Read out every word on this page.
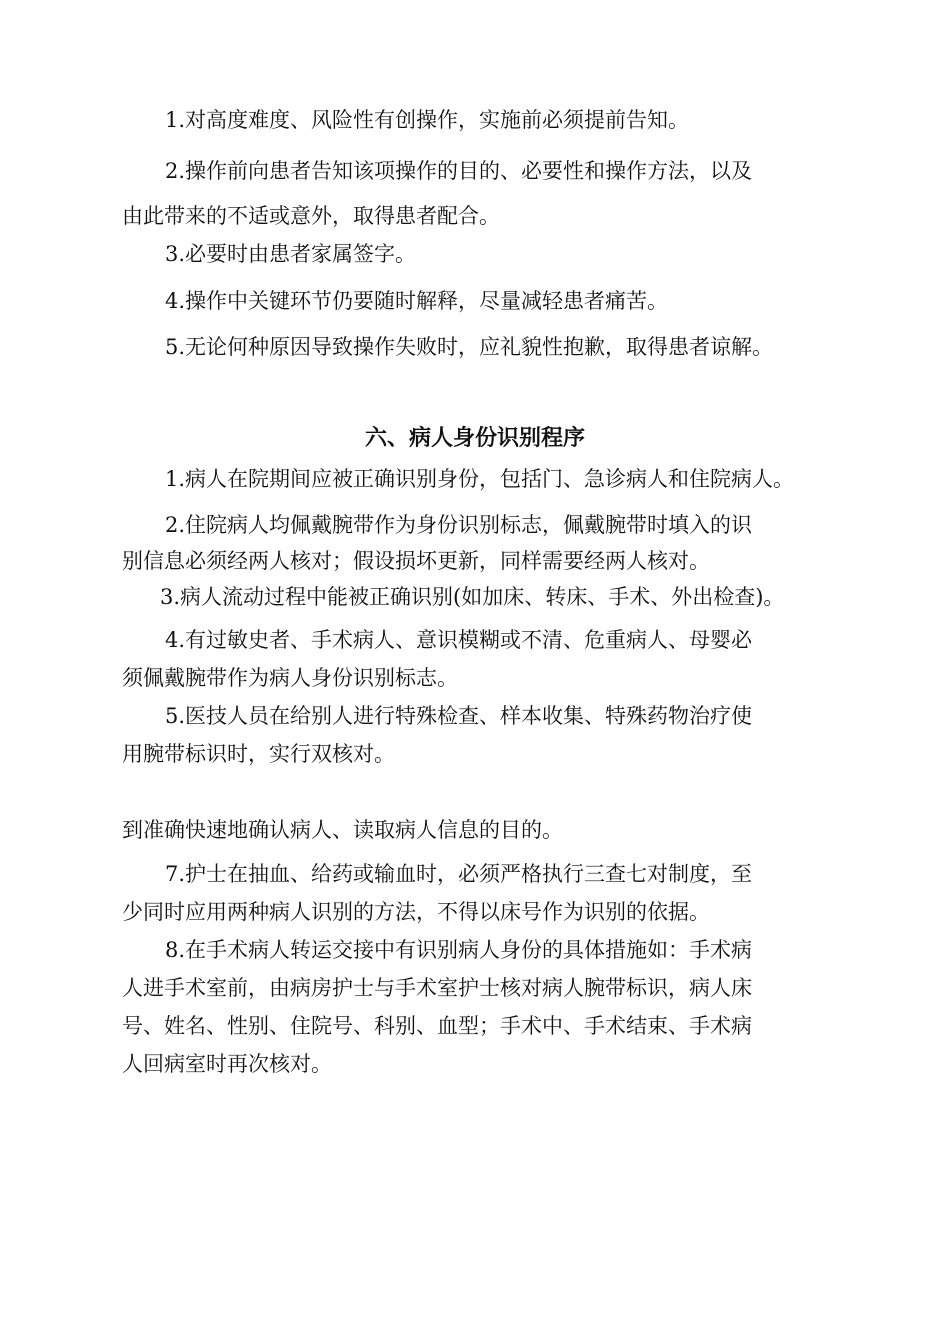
1.对高度难度、风险性有创操作，实施前必须提前告知。

2.操作前向患者告知该项操作的目的、必要性和操作方法，以及

由此带来的不适或意外，取得患者配合。

3.必要时由患者家属签字。

4.操作中关键环节仍要随时解释，尽量减轻患者痛苦。

5.无论何种原因导致操作失败时，应礼貌性抱歉，取得患者谅解。

六、病人身份识别程序

1.病人在院期间应被正确识别身份，包括门、急诊病人和住院病人。

2.住院病人均佩戴腕带作为身份识别标志，佩戴腕带时填入的识

别信息必须经两人核对；假设损坏更新，同样需要经两人核对。

3.病人流动过程中能被正确识别(如加床、转床、手术、外出检查)。

4.有过敏史者、手术病人、意识模糊或不清、危重病人、母婴必

须佩戴腕带作为病人身份识别标志。

5.医技人员在给别人进行特殊检查、样本收集、特殊药物治疗使

用腕带标识时，实行双核对。

到准确快速地确认病人、读取病人信息的目的。

7.护士在抽血、给药或输血时，必须严格执行三查七对制度，至

少同时应用两种病人识别的方法，不得以床号作为识别的依据。

8.在手术病人转运交接中有识别病人身份的具体措施如：手术病

人进手术室前，由病房护士与手术室护士核对病人腕带标识，病人床

号、姓名、性别、住院号、科别、血型；手术中、手术结束、手术病

人回病室时再次核对。
